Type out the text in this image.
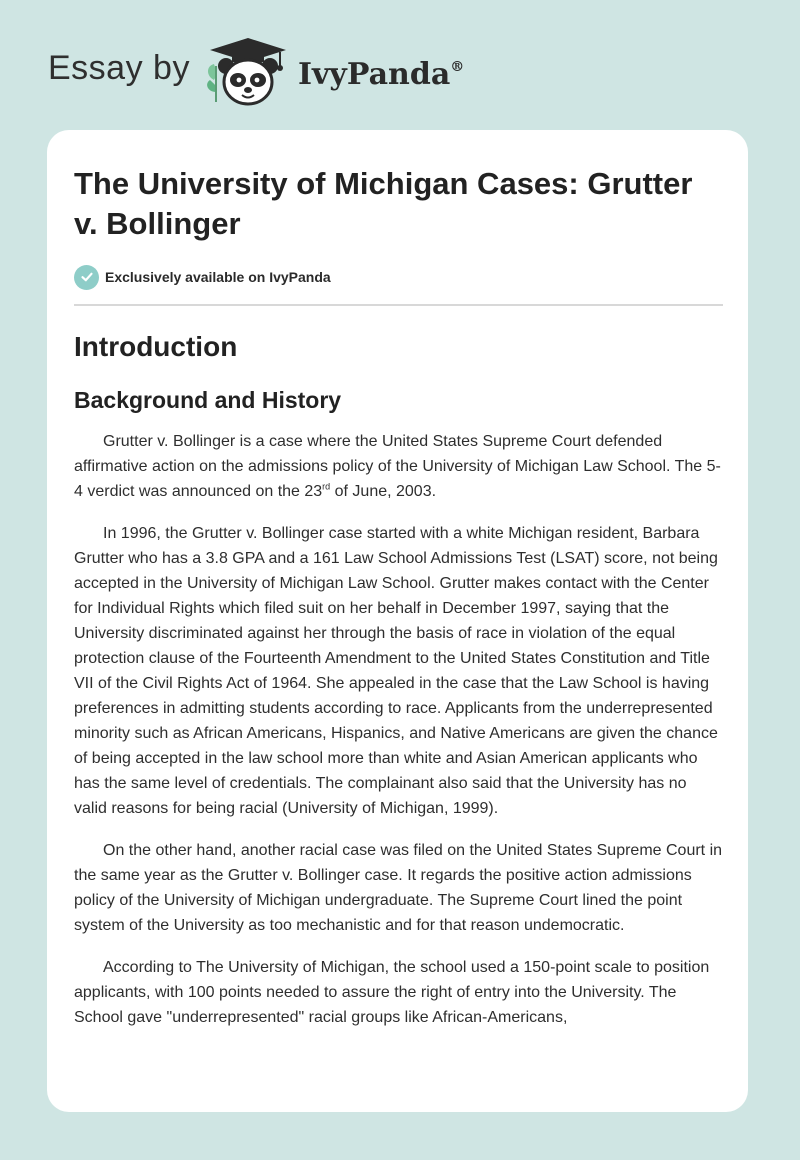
Essay by	IvyPanda®
The University of Michigan Cases: Grutter v. Bollinger
Exclusively available on IvyPanda
Introduction
Background and History

Grutter v. Bollinger is a case where the United States Supreme Court defended affirmative action on the admissions policy of the University of Michigan Law School. The 5-4 verdict was announced on the 23rd of June, 2003.

In 1996, the Grutter v. Bollinger case started with a white Michigan resident, Barbara Grutter who has a 3.8 GPA and a 161 Law School Admissions Test (LSAT) score, not being accepted in the University of Michigan Law School. Grutter makes contact with the Center for Individual Rights which filed suit on her behalf in December 1997, saying that the University discriminated against her through the basis of race in violation of the equal protection clause of the Fourteenth Amendment to the United States Constitution and Title VII of the Civil Rights Act of 1964. She appealed in the case that the Law School is having preferences in admitting students according to race. Applicants from the underrepresented minority such as African Americans, Hispanics, and Native Americans are given the chance of being accepted in the law school more than white and Asian American applicants who has the same level of credentials. The complainant also said that the University has no valid reasons for being racial (University of Michigan, 1999).

On the other hand, another racial case was filed on the United States Supreme Court in the same year as the Grutter v. Bollinger case. It regards the positive action admissions policy of the University of Michigan undergraduate. The Supreme Court lined the point system of the University as too mechanistic and for that reason undemocratic.

According to The University of Michigan, the school used a 150-point scale to position applicants, with 100 points needed to assure the right of entry into the University. The School gave "underrepresented" racial groups like African-Americans,
